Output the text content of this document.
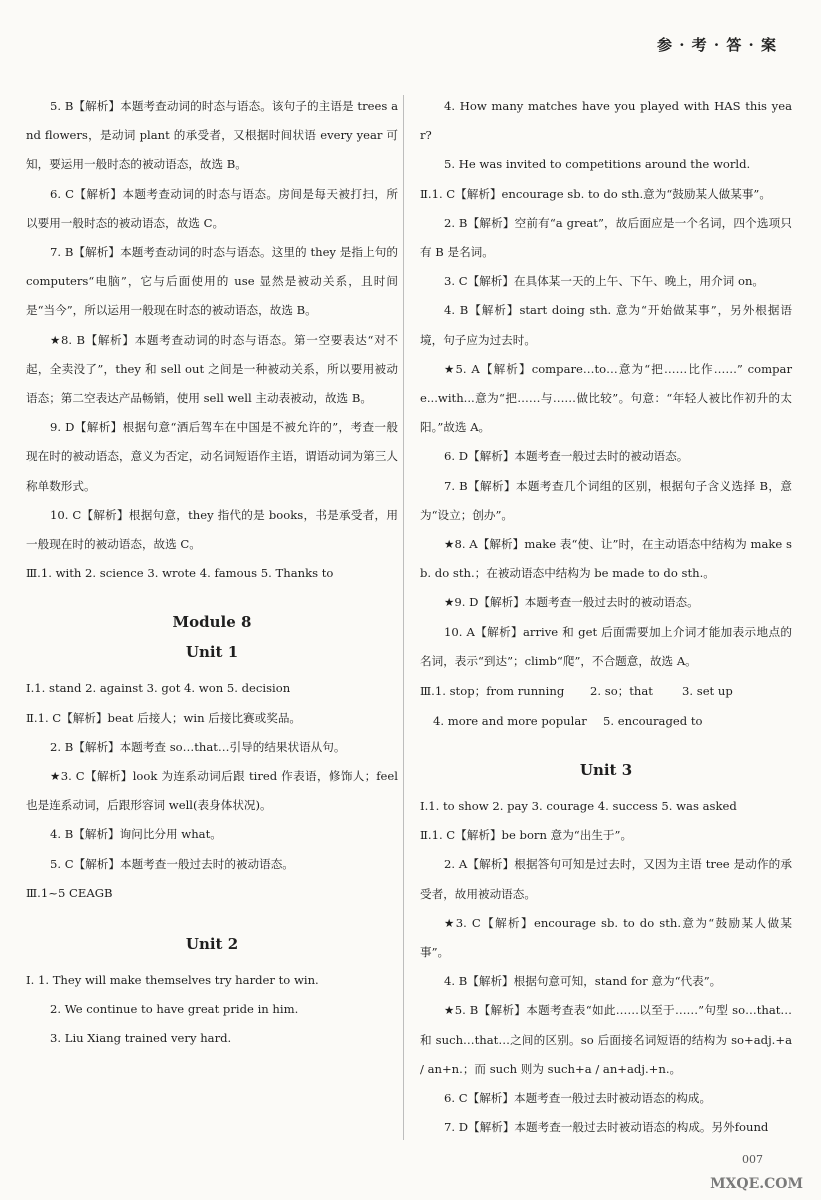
参 · 考 · 答 · 案

5. B【解析】本题考查动词的时态与语态。该句子的主语是 trees and flowers，是动词 plant 的承受者，又根据时间状语 every year 可知，要运用一般时态的被动语态，故选 B。

6. C【解析】本题考查动词的时态与语态。房间是每天被打扫，所以要用一般时态的被动语态，故选 C。

7. B【解析】本题考查动词的时态与语态。这里的 they 是指上句的 computers“电脑”，它与后面使用的 use 显然是被动关系，且时间是“当今”，所以运用一般现在时态的被动语态，故选 B。

★8. B【解析】本题考查动词的时态与语态。第一空要表达“对不起，全卖没了”，they 和 sell out 之间是一种被动关系，所以要用被动语态；第二空表达产品畅销，使用 sell well 主动表被动，故选 B。

9. D【解析】根据句意“酒后驾车在中国是不被允许的”，考查一般现在时的被动语态，意义为否定，动名词短语作主语，谓语动词为第三人称单数形式。

10. C【解析】根据句意，they 指代的是 books，书是承受者，用一般现在时的被动语态，故选 C。

Ⅲ.1. with 2. science 3. wrote 4. famous 5. Thanks to

Module 8
Unit 1

Ⅰ.1. stand 2. against 3. got 4. won 5. decision

Ⅱ.1. C【解析】beat 后接人；win 后接比赛或奖品。

2. B【解析】本题考查 so…that…引导的结果状语从句。

★3. C【解析】look 为连系动词后跟 tired 作表语，修饰人；feel 也是连系动词，后跟形容词 well(表身体状况)。

4. B【解析】询问比分用 what。

5. C【解析】本题考查一般过去时的被动语态。

Ⅲ.1~5 CEAGB

Unit 2

Ⅰ. 1. They will make themselves try harder to win.

2. We continue to have great pride in him.

3. Liu Xiang trained very hard.

4. How many matches have you played with HAS this year?

5. He was invited to competitions around the world.

Ⅱ.1. C【解析】encourage sb. to do sth.意为“鼓励某人做某事”。

2. B【解析】空前有“a great”，故后面应是一个名词，四个选项只有 B 是名词。

3. C【解析】在具体某一天的上午、下午、晚上，用介词 on。

4. B【解析】start doing sth. 意为“开始做某事”，另外根据语境，句子应为过去时。

★5. A【解析】compare…to…意为“把……比作……” compare...with...意为“把……与……做比较”。句意：“年轻人被比作初升的太阳。”故选 A。

6. D【解析】本题考查一般过去时的被动语态。

7. B【解析】本题考查几个词组的区别，根据句子含义选择 B，意为“设立；创办”。

★8. A【解析】make 表“使、让”时，在主动语态中结构为 make sb. do sth.；在被动语态中结构为 be made to do sth.。

★9. D【解析】本题考查一般过去时的被动语态。

10. A【解析】arrive 和 get 后面需要加上介词才能加表示地点的名词，表示“到达”；climb“爬”，不合题意，故选 A。

Ⅲ.1. stop；from running	2. so；that	3. set up
4. more and more popular	5. encouraged to
Unit 3

Ⅰ.1. to show 2. pay 3. courage 4. success 5. was asked

Ⅱ.1. C【解析】be born 意为“出生于”。

2. A【解析】根据答句可知是过去时，又因为主语 tree 是动作的承受者，故用被动语态。

★3. C【解析】encourage sb. to do sth.意为“鼓励某人做某事”。

4. B【解析】根据句意可知，stand for 意为“代表”。

★5. B【解析】本题考查表“如此……以至于……”句型 so…that…和 such…that…之间的区别。so 后面接名词短语的结构为 so+adj.+a / an+n.；而 such 则为 such+a / an+adj.+n.。

6. C【解析】本题考查一般过去时被动语态的构成。

7. D【解析】本题考查一般过去时被动语态的构成。另外found

007
MXQE.COM
